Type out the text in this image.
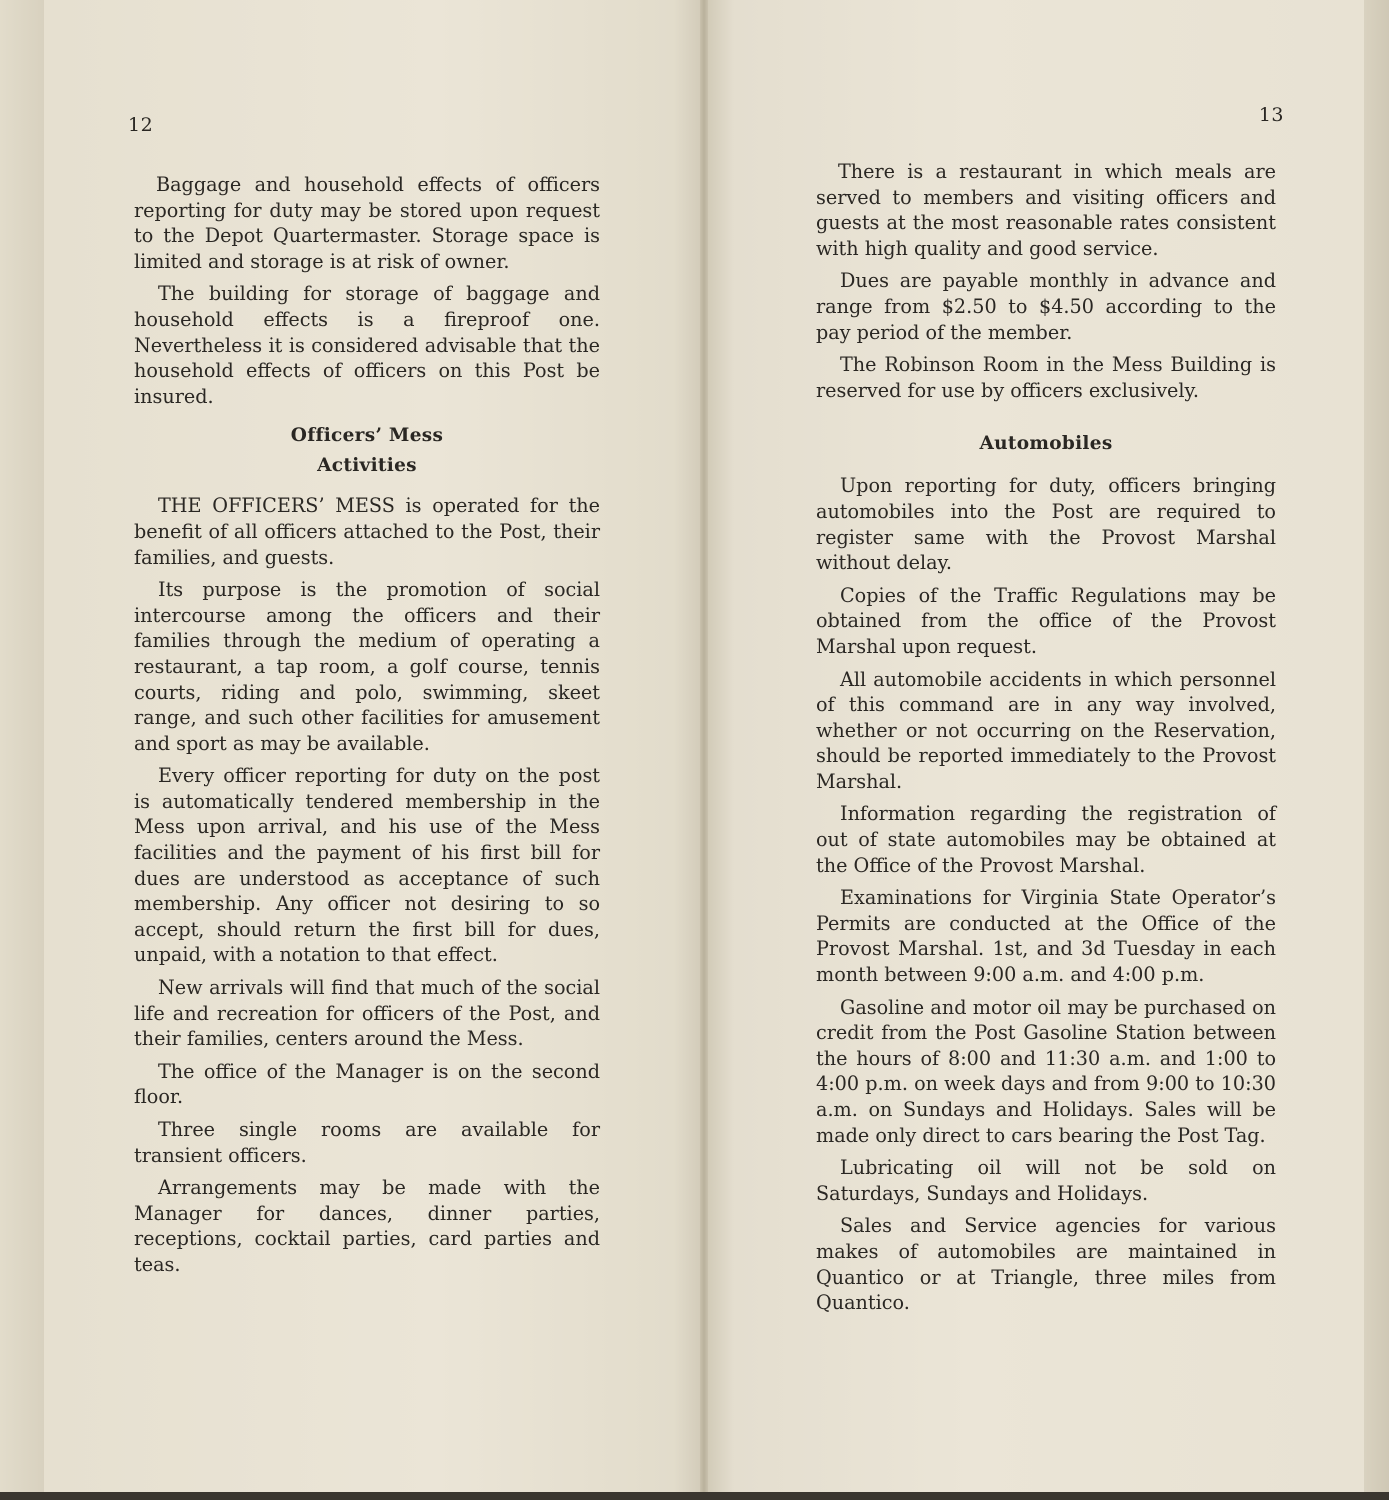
12

Baggage and household effects of officers reporting for duty may be stored upon request to the Depot Quartermaster. Storage space is limited and storage is at risk of owner.

The building for storage of baggage and household effects is a fireproof one. Nevertheless it is considered advisable that the household effects of officers on this Post be insured.

Officers’ Mess
Activities

THE OFFICERS’ MESS is operated for the benefit of all officers attached to the Post, their families, and guests.

Its purpose is the promotion of social intercourse among the officers and their families through the medium of operating a restaurant, a tap room, a golf course, tennis courts, riding and polo, swimming, skeet range, and such other facilities for amusement and sport as may be available.

Every officer reporting for duty on the post is automatically tendered membership in the Mess upon arrival, and his use of the Mess facilities and the payment of his first bill for dues are understood as acceptance of such membership. Any officer not desiring to so accept, should return the first bill for dues, unpaid, with a notation to that effect.

New arrivals will find that much of the social life and recreation for officers of the Post, and their families, centers around the Mess.

The office of the Manager is on the second floor.

Three single rooms are available for transient officers.

Arrangements may be made with the Manager for dances, dinner parties, receptions, cocktail parties, card parties and teas.

13

There is a restaurant in which meals are served to members and visiting officers and guests at the most reasonable rates consistent with high quality and good service.

Dues are payable monthly in advance and range from $2.50 to $4.50 according to the pay period of the member.

The Robinson Room in the Mess Building is reserved for use by officers exclusively.

Automobiles

Upon reporting for duty, officers bringing automobiles into the Post are required to register same with the Provost Marshal without delay.

Copies of the Traffic Regulations may be obtained from the office of the Provost Marshal upon request.

All automobile accidents in which personnel of this command are in any way involved, whether or not occurring on the Reservation, should be reported immediately to the Provost Marshal.

Information regarding the registration of out of state automobiles may be obtained at the Office of the Provost Marshal.

Examinations for Virginia State Operator’s Permits are conducted at the Office of the Provost Marshal. 1st, and 3d Tuesday in each month between 9:00 a.m. and 4:00 p.m.

Gasoline and motor oil may be purchased on credit from the Post Gasoline Station between the hours of 8:00 and 11:30 a.m. and 1:00 to 4:00 p.m. on week days and from 9:00 to 10:30 a.m. on Sundays and Holidays. Sales will be made only direct to cars bearing the Post Tag.

Lubricating oil will not be sold on Saturdays, Sundays and Holidays.

Sales and Service agencies for various makes of automobiles are maintained in Quantico or at Triangle, three miles from Quantico.
